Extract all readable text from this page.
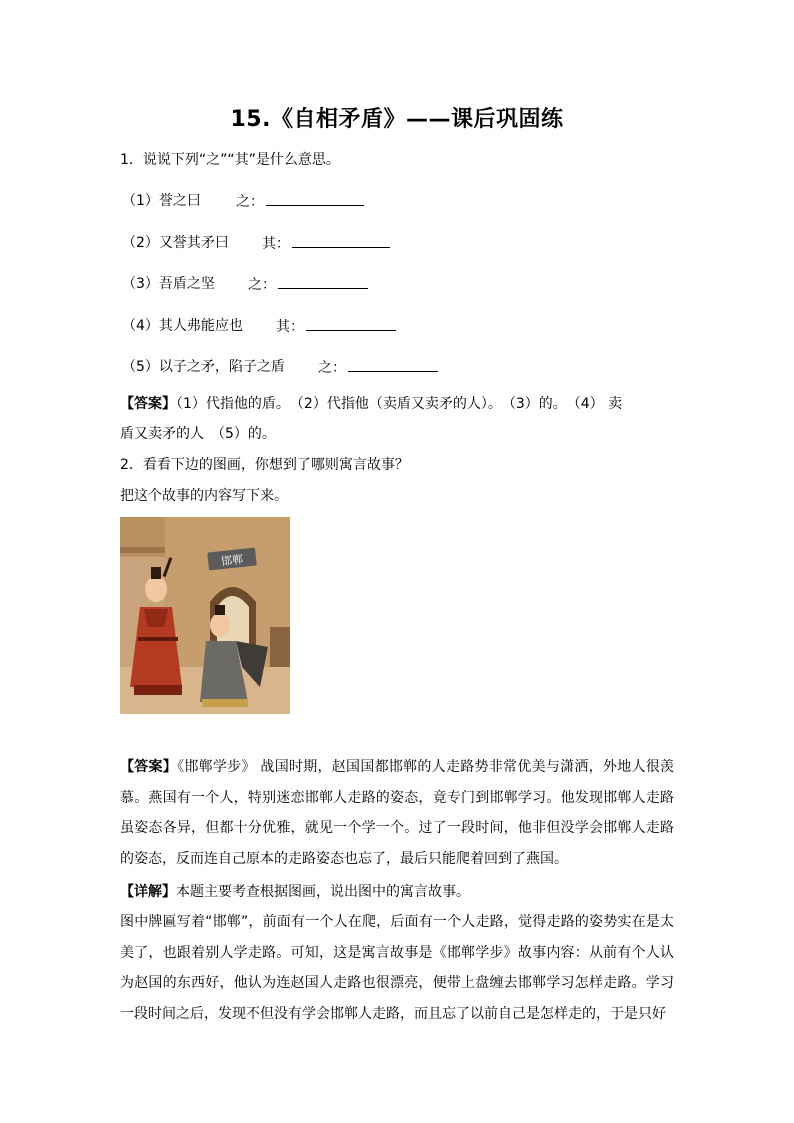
15.《自相矛盾》——课后巩固练
1．说说下列“之”“其”是什么意思。
（1）誉之曰	之：
（2）又誉其矛曰 其：
（3）吾盾之坚 之：
（4）其人弗能应也 其：
（5）以子之矛，陷子之盾 之：
【答案】（1）代指他的盾。　（2）代指他（卖盾又卖矛的人）。　（3）的。　（4） 卖
盾又卖矛的人　（5）的。
2．看看下边的图画，你想到了哪则寓言故事？
把这个故事的内容写下来。
邯郸
【答案】《邯郸学步》 战国时期，赵国国都邯郸的人走路势非常优美与潇洒，外地人很羡慕。燕国有一个人，特别迷恋邯郸人走路的姿态，竟专门到邯郸学习。他发现邯郸人走路虽姿态各异，但都十分优雅，就见一个学一个。过了一段时间，他非但没学会邯郸人走路的姿态，反而连自己原本的走路姿态也忘了，最后只能爬着回到了燕国。
【详解】本题主要考查根据图画，说出图中的寓言故事。
图中牌匾写着“邯郸”，前面有一个人在爬，后面有一个人走路，觉得走路的姿势实在是太美了，也跟着别人学走路。可知，这是寓言故事是《邯郸学步》故事内容：从前有个人认为赵国的东西好，他认为连赵国人走路也很漂亮，便带上盘缠去邯郸学习怎样走路。学习一段时间之后，发现不但没有学会邯郸人走路，而且忘了以前自己是怎样走的，于是只好
